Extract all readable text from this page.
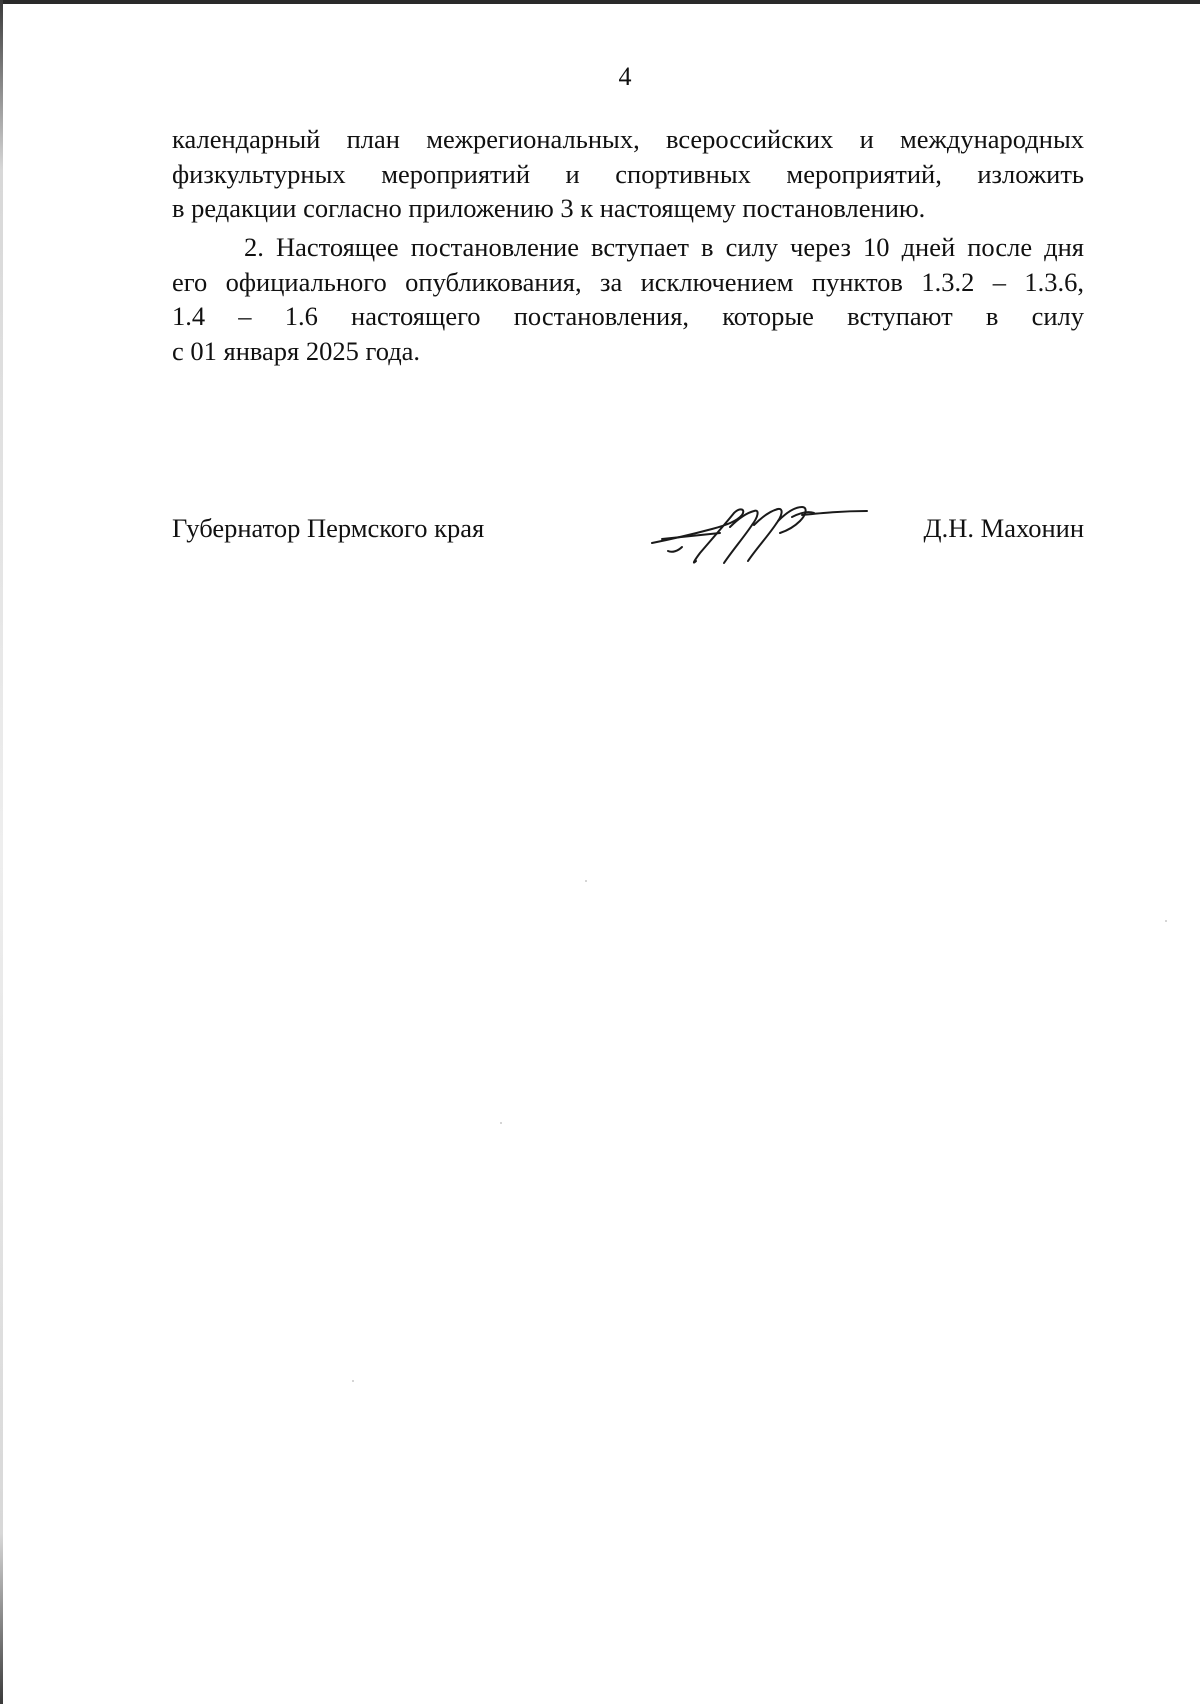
4
календарный план межрегиональных, всероссийских и международных
физкультурных мероприятий и спортивных мероприятий, изложить
в редакции согласно приложению 3 к настоящему постановлению.
2. Настоящее постановление вступает в силу через 10 дней после дня
его официального опубликования, за исключением пунктов 1.3.2 – 1.3.6,
1.4 – 1.6 настоящего постановления, которые вступают в силу
с 01 января 2025 года.
Губернатор Пермского края	Д.Н. Махонин
